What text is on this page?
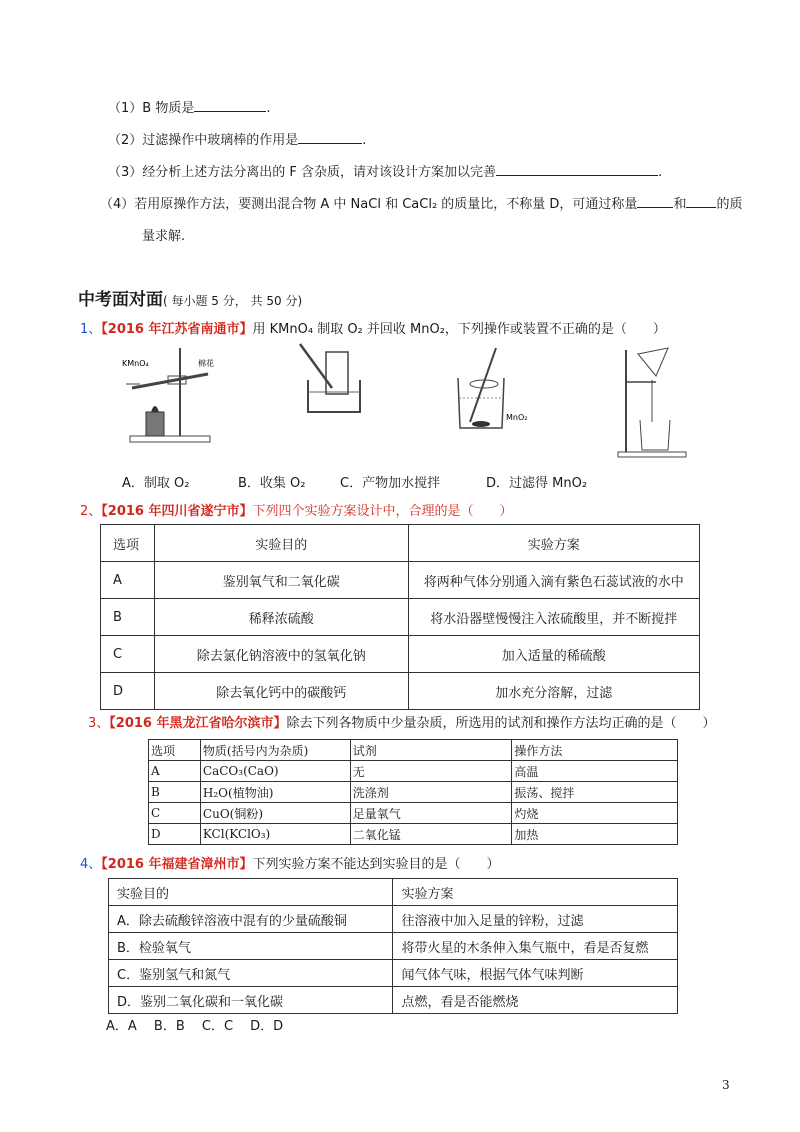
（1）B 物质是	.
（2）过滤操作中玻璃棒的作用是	.
（3）经分析上述方法分离出的 F 含杂质，请对该设计方案加以完善	.
（4）若用原操作方法，要测出混合物 A 中 NaCl 和 CaCl₂ 的质量比，不称量 D，可通过称量	和 的质
量求解.
中考面对面( 每小题 5 分， 共 50 分)
1、【2016 年江苏省南通市】用 KMnO₄ 制取 O₂ 并回收 MnO₂，下列操作或装置不正确的是（　　）
KMnO₄	棉花
MnO₂
A．制取 O₂	B．收集 O₂	C．产物加水搅拌	D．过滤得 MnO₂
2、【2016 年四川省遂宁市】下列四个实验方案设计中，合理的是（　　）
选项	实验目的	实验方案
A	鉴别氧气和二氧化碳	将两种气体分别通入滴有紫色石蕊试液的水中
B	稀释浓硫酸	将水沿器壁慢慢注入浓硫酸里，并不断搅拌
C	除去氯化钠溶液中的氢氧化钠	加入适量的稀硫酸
D	除去氧化钙中的碳酸钙	加水充分溶解，过滤
3、【2016 年黑龙江省哈尔滨市】除去下列各物质中少量杂质，所选用的试剂和操作方法均正确的是（　　）
选项	物质(括号内为杂质)	试剂	操作方法
A	CaCO₃(CaO)	无	高温
B	H₂O(植物油)	洗涤剂	振荡、搅拌
C	CuO(铜粉)	足量氧气	灼烧
D	KCl(KClO₃)	二氧化锰	加热
4、【2016 年福建省漳州市】下列实验方案不能达到实验目的是（　　）
实验目的	实验方案
A．除去硫酸锌溶液中混有的少量硫酸铜	往溶液中加入足量的锌粉，过滤
B．检验氧气	将带火星的木条伸入集气瓶中，看是否复燃
C．鉴别氢气和氮气	闻气体气味，根据气体气味判断
D．鉴别二氧化碳和一氧化碳	点燃，看是否能燃烧
A．A　 B．B　 C．C　 D．D
3
